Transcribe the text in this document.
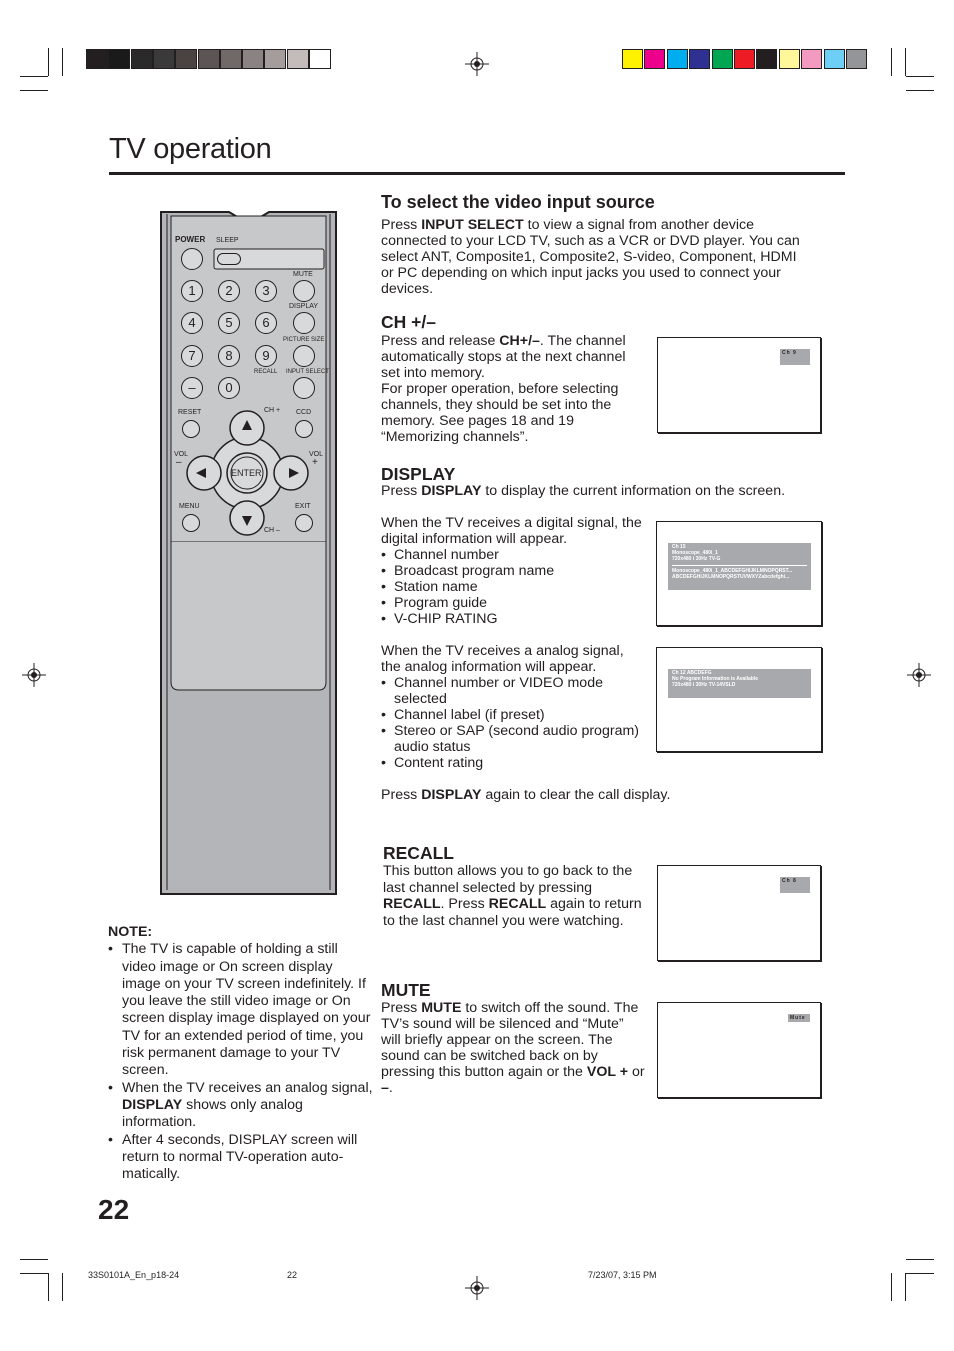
TV operation
POWER SLEEP
MUTE
DISPLAY
PICTURE SIZE
RECALL INPUT SELECT
1	2	3
4	5	6
7	8	9
–	0
RESET	CH + CCD
VOL
–
VOL
+
ENTER
MENU	EXIT
CH –
NOTE:
• The TV is capable of holding a still video image or On screen display image on your TV screen indefinitely. If you leave the still video image or On screen display image displayed on your TV for an extended period of time, you risk permanent damage to your TV screen.
• When the TV receives an analog signal, DISPLAY shows only analog information.
• After 4 seconds, DISPLAY screen will return to normal TV-operation auto-matically.
To select the video input source
Press INPUT SELECT to view a signal from another device connected to your LCD TV, such as a VCR or DVD player. You can select ANT, Composite1, Composite2, S-video, Component, HDMI or PC depending on which input jacks you used to connect your devices.
CH +/–
Press and release CH+/–. The channel automatically stops at the next channel set into memory.
For proper operation, before selecting channels, they should be set into the memory. See pages 18 and 19 “Memorizing channels”.
Ch 9
DISPLAY
Press DISPLAY to display the current information on the screen.
When the TV receives a digital signal, the digital information will appear.
• Channel number
• Broadcast program name
• Station name
• Program guide
• V-CHIP RATING
Ch 15
Monoscope_480i_1
720x480 i 30Hz TV-G
Monoscope_480i_1_ABCDEFGHIJKLMNOPQRST...
ABCDEFGHIJKLMNOPQRSTUVWXYZabcdefghi...
When the TV receives a analog signal, the analog information will appear.
• Channel number or VIDEO mode selected
• Channel label (if preset)
• Stereo or SAP (second audio program) audio status
• Content rating
Ch 12 ABCDEFG
No Program Information is Available
720x480 i 30Hz TV-14VSLD
Press DISPLAY again to clear the call display.
RECALL
This button allows you to go back to the last channel selected by pressing RECALL. Press RECALL again to return to the last channel you were watching.
Ch 8
MUTE
Press MUTE to switch off the sound. The TV’s sound will be silenced and “Mute” will briefly appear on the screen. The sound can be switched back on by pressing this button again or the VOL + or –.
Mute
22
33S0101A_En_p18-24	22	7/23/07, 3:15 PM
